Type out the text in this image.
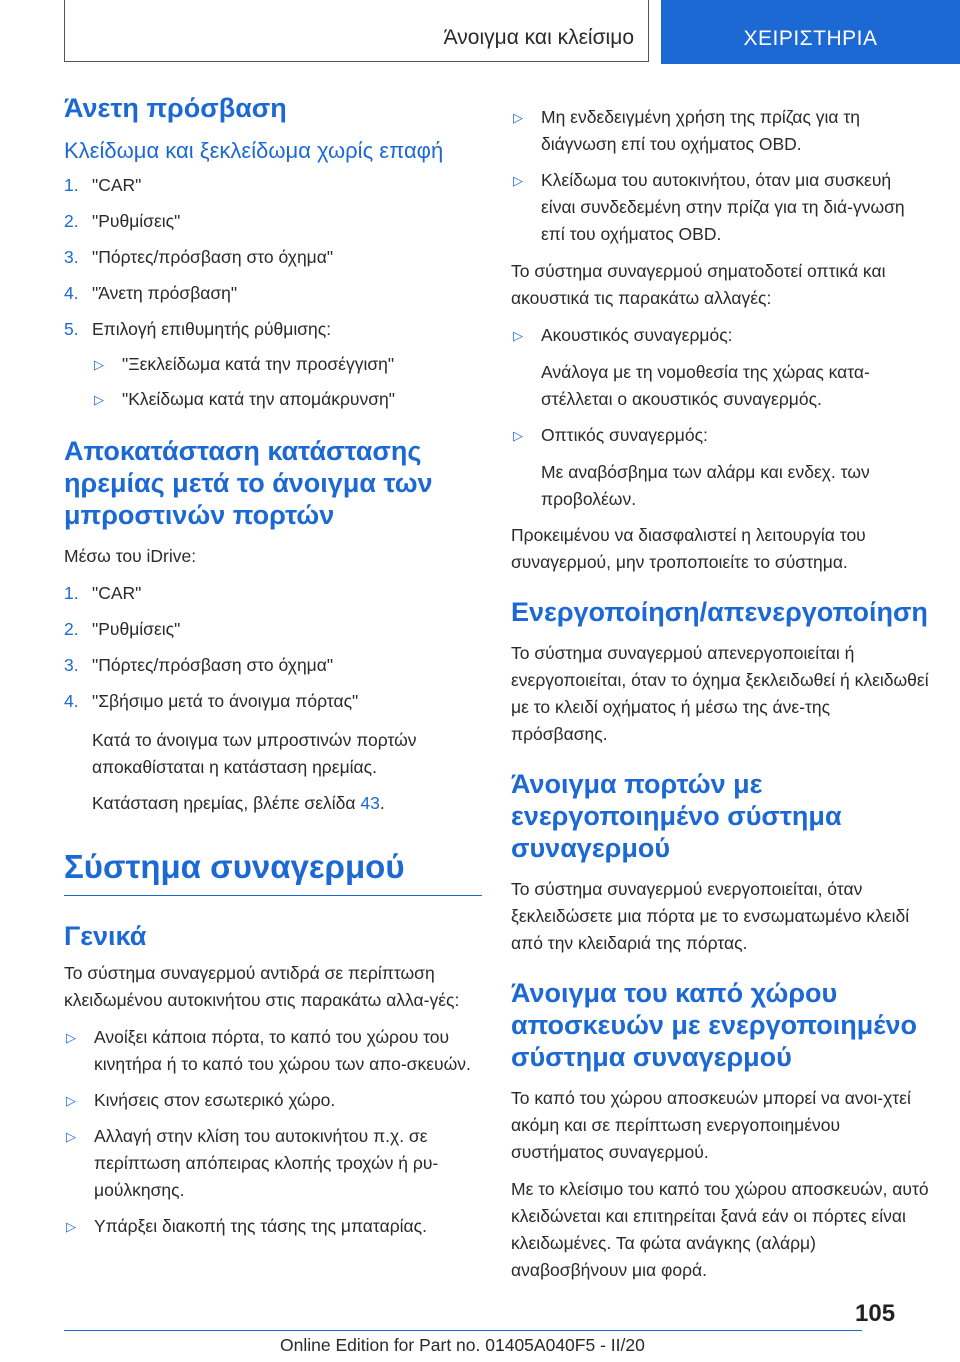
Άνοιγμα και κλείσιμο	ΧΕΙΡΙΣΤΗΡΙΑ
Άνετη πρόσβαση
Κλείδωμα και ξεκλείδωμα χωρίς επαφή
1. "CAR"
2. "Ρυθμίσεις"
3. "Πόρτες/πρόσβαση στο όχημα"
4. "Άνετη πρόσβαση"
5. Επιλογή επιθυμητής ρύθμισης:
▷ "Ξεκλείδωμα κατά την προσέγγιση"
▷ "Κλείδωμα κατά την απομάκρυνση"
Αποκατάσταση κατάστασης ηρεμίας μετά το άνοιγμα των μπροστινών πορτών
Μέσω του iDrive:
1. "CAR"
2. "Ρυθμίσεις"
3. "Πόρτες/πρόσβαση στο όχημα"
4. "Σβήσιμο μετά το άνοιγμα πόρτας"
Κατά το άνοιγμα των μπροστινών πορτών αποκαθίσταται η κατάσταση ηρεμίας.
Κατάσταση ηρεμίας, βλέπε σελίδα 43.
Σύστημα συναγερμού
Γενικά
Το σύστημα συναγερμού αντιδρά σε περίπτωση κλειδωμένου αυτοκινήτου στις παρακάτω αλλα-γές:
▷ Ανοίξει κάποια πόρτα, το καπό του χώρου του κινητήρα ή το καπό του χώρου των απο-σκευών.
▷ Κινήσεις στον εσωτερικό χώρο.
▷ Αλλαγή στην κλίση του αυτοκινήτου π.χ. σε περίπτωση απόπειρας κλοπής τροχών ή ρυ-μούλκησης.
▷ Υπάρξει διακοπή της τάσης της μπαταρίας.
▷ Μη ενδεδειγμένη χρήση της πρίζας για τη διάγνωση επί του οχήματος OBD.
▷ Κλείδωμα του αυτοκινήτου, όταν μια συσκευή είναι συνδεδεμένη στην πρίζα για τη διά-γνωση επί του οχήματος OBD.
Το σύστημα συναγερμού σηματοδοτεί οπτικά και ακουστικά τις παρακάτω αλλαγές:
▷ Ακουστικός συναγερμός:
Ανάλογα με τη νομοθεσία της χώρας κατα-στέλλεται ο ακουστικός συναγερμός.
▷ Οπτικός συναγερμός:
Με αναβόσβημα των αλάρμ και ενδεχ. των προβολέων.
Προκειμένου να διασφαλιστεί η λειτουργία του συναγερμού, μην τροποποιείτε το σύστημα.
Ενεργοποίηση/απενεργοποίηση
Το σύστημα συναγερμού απενεργοποιείται ή ενεργοποιείται, όταν το όχημα ξεκλειδωθεί ή κλειδωθεί με το κλειδί οχήματος ή μέσω της άνε-της πρόσβασης.
Άνοιγμα πορτών με ενεργοποιημένο σύστημα συναγερμού
Το σύστημα συναγερμού ενεργοποιείται, όταν ξεκλειδώσετε μια πόρτα με το ενσωματωμένο κλειδί από την κλειδαριά της πόρτας.
Άνοιγμα του καπό χώρου αποσκευών με ενεργοποιημένο σύστημα συναγερμού
Το καπό του χώρου αποσκευών μπορεί να ανοι-χτεί ακόμη και σε περίπτωση ενεργοποιημένου συστήματος συναγερμού.
Με το κλείσιμο του καπό του χώρου αποσκευών, αυτό κλειδώνεται και επιτηρείται ξανά εάν οι πόρτες είναι κλειδωμένες. Τα φώτα ανάγκης (αλάρμ) αναβοσβήνουν μια φορά.
105
Online Edition for Part no. 01405A040F5 - II/20
